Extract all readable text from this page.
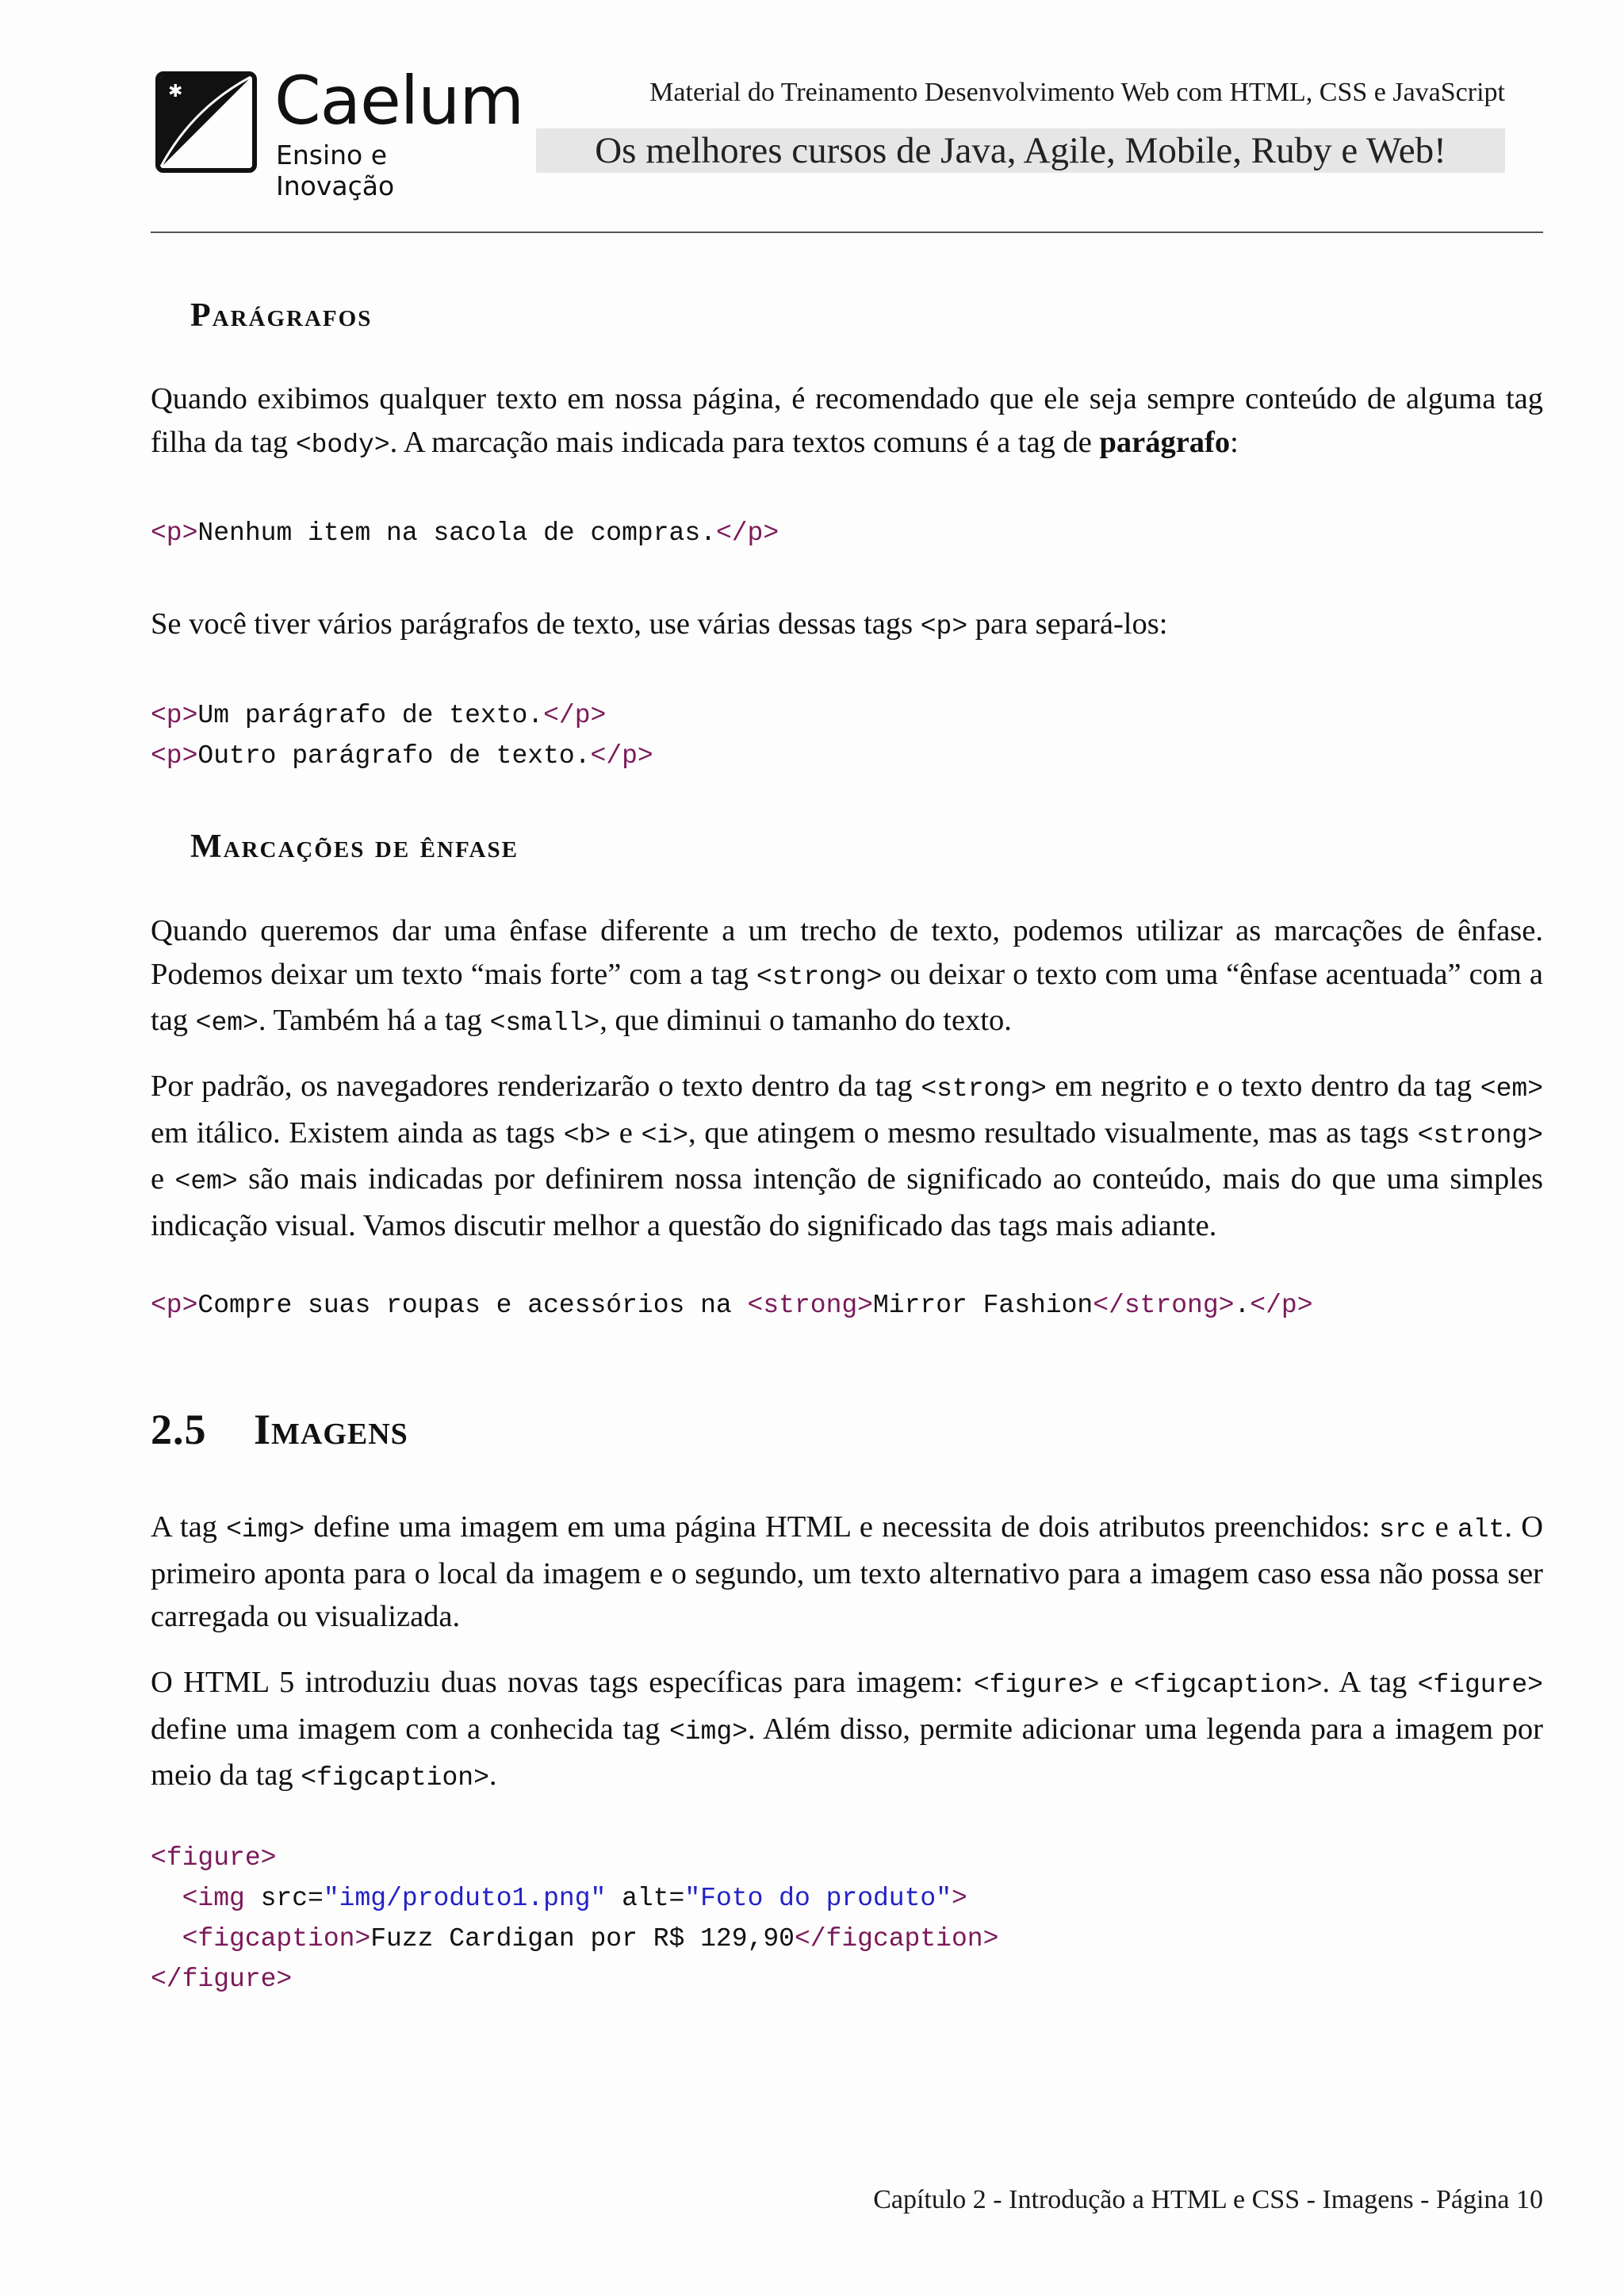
✱ Caelum
Ensino e Inovação
Material do Treinamento Desenvolvimento Web com HTML, CSS e JavaScript
Os melhores cursos de Java, Agile, Mobile, Ruby e Web!
Parágrafos
Quando exibimos qualquer texto em nossa página, é recomendado que ele seja sempre conteúdo de alguma tag filha da tag <body>. A marcação mais indicada para textos comuns é a tag de parágrafo:
<p>Nenhum item na sacola de compras.</p>
Se você tiver vários parágrafos de texto, use várias dessas tags <p> para separá-los:
<p>Um parágrafo de texto.</p>
<p>Outro parágrafo de texto.</p>
Marcações de ênfase
Quando queremos dar uma ênfase diferente a um trecho de texto, podemos utilizar as marcações de ênfase. Podemos deixar um texto “mais forte” com a tag <strong> ou deixar o texto com uma “ênfase acentuada” com a tag <em>. Também há a tag <small>, que diminui o tamanho do texto.
Por padrão, os navegadores renderizarão o texto dentro da tag <strong> em negrito e o texto dentro da tag <em> em itálico. Existem ainda as tags <b> e <i>, que atingem o mesmo resultado visualmente, mas as tags <strong> e <em> são mais indicadas por definirem nossa intenção de significado ao conteúdo, mais do que uma simples indicação visual. Vamos discutir melhor a questão do significado das tags mais adiante.
<p>Compre suas roupas e acessórios na <strong>Mirror Fashion</strong>.</p>
2.5 Imagens
A tag <img> define uma imagem em uma página HTML e necessita de dois atributos preenchidos: src e alt. O primeiro aponta para o local da imagem e o segundo, um texto alternativo para a imagem caso essa não possa ser carregada ou visualizada.
O HTML 5 introduziu duas novas tags específicas para imagem: <figure> e <figcaption>. A tag <figure> define uma imagem com a conhecida tag <img>. Além disso, permite adicionar uma legenda para a imagem por meio da tag <figcaption>.
<figure>
<img src="img/produto1.png" alt="Foto do produto">
<figcaption>Fuzz Cardigan por R$ 129,90</figcaption>
</figure>
Capítulo 2 - Introdução a HTML e CSS - Imagens - Página 10
